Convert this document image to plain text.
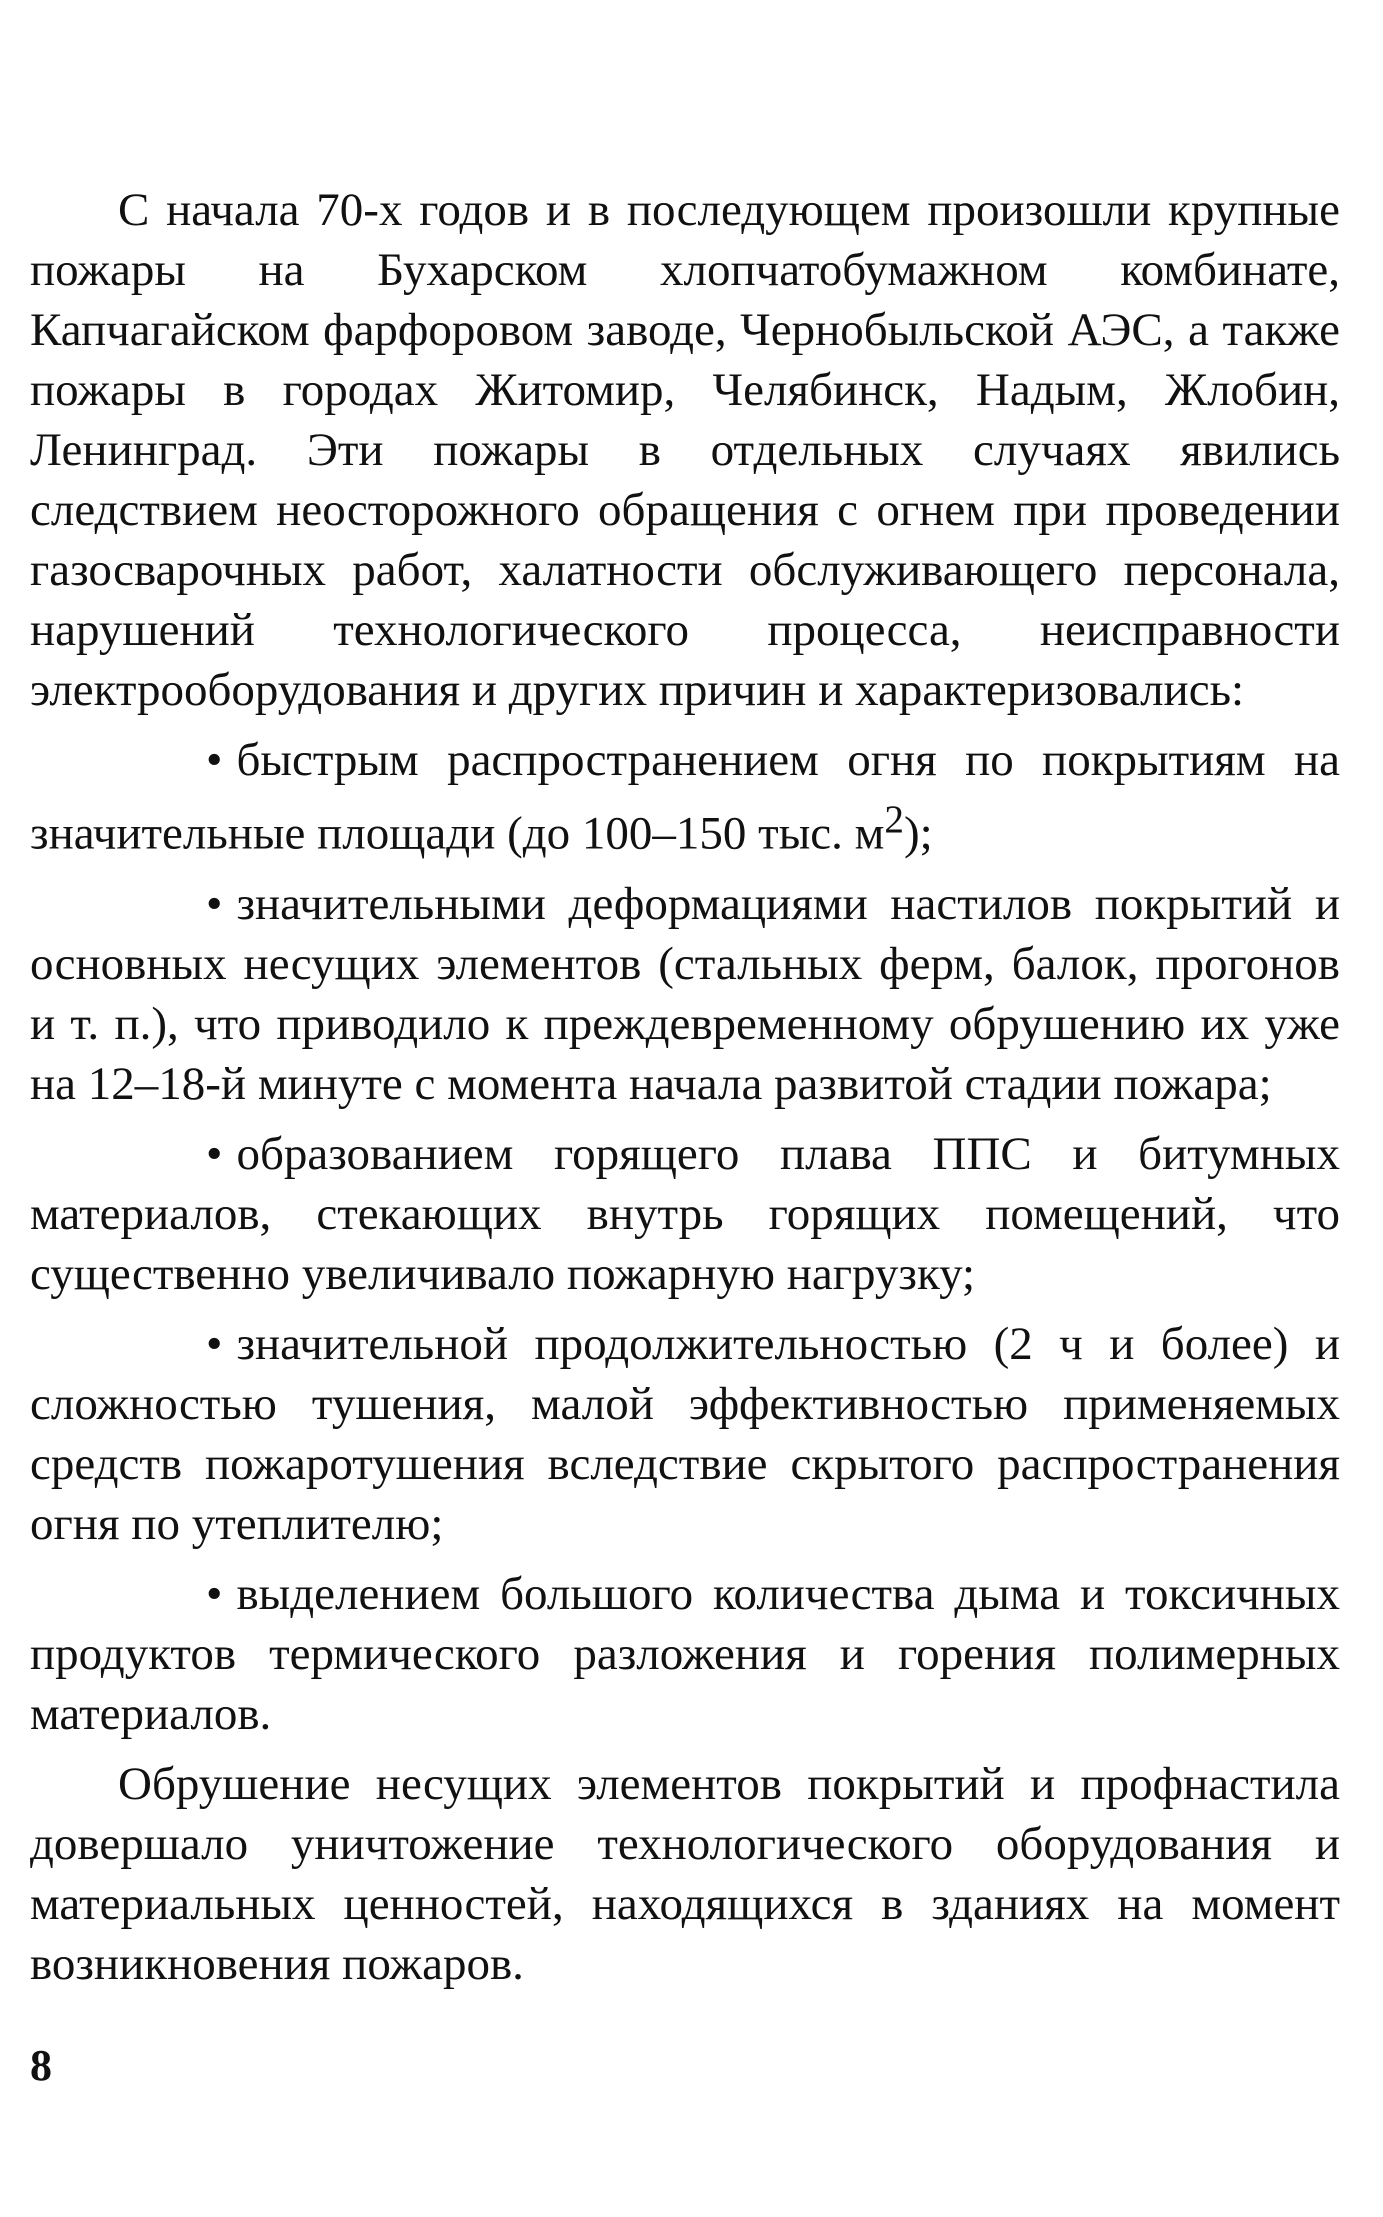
С начала 70-х годов и в последующем произошли крупные пожары на Бухарском хлопчатобумажном комбинате, Капчагайском фарфоровом заводе, Чернобыльской АЭС, а также пожары в городах Житомир, Челябинск, Надым, Жлобин, Ленинград. Эти пожары в отдельных случаях явились следствием неосторожного обращения с огнем при проведении газосварочных работ, халатности обслуживающего персонала, нарушений технологического процесса, неисправности электрооборудования и других причин и характеризовались:

• быстрым распространением огня по покрытиям на значительные площади (до 100–150 тыс. $м^2$);

• значительными деформациями настилов покрытий и основных несущих элементов (стальных ферм, балок, прогонов и т. п.), что приводило к преждевременному обрушению их уже на 12–18-й минуте с момента начала развитой стадии пожара;

• образованием горящего плава ППС и битумных материалов, стекающих внутрь горящих помещений, что существенно увеличивало пожарную нагрузку;

• значительной продолжительностью (2 ч и более) и сложностью тушения, малой эффективностью применяемых средств пожаротушения вследствие скрытого распространения огня по утеплителю;

• выделением большого количества дыма и токсичных продуктов термического разложения и горения полимерных материалов.

Обрушение несущих элементов покрытий и профнастила довершало уничтожение технологического оборудования и материальных ценностей, находящихся в зданиях на момент возникновения пожаров.

8
